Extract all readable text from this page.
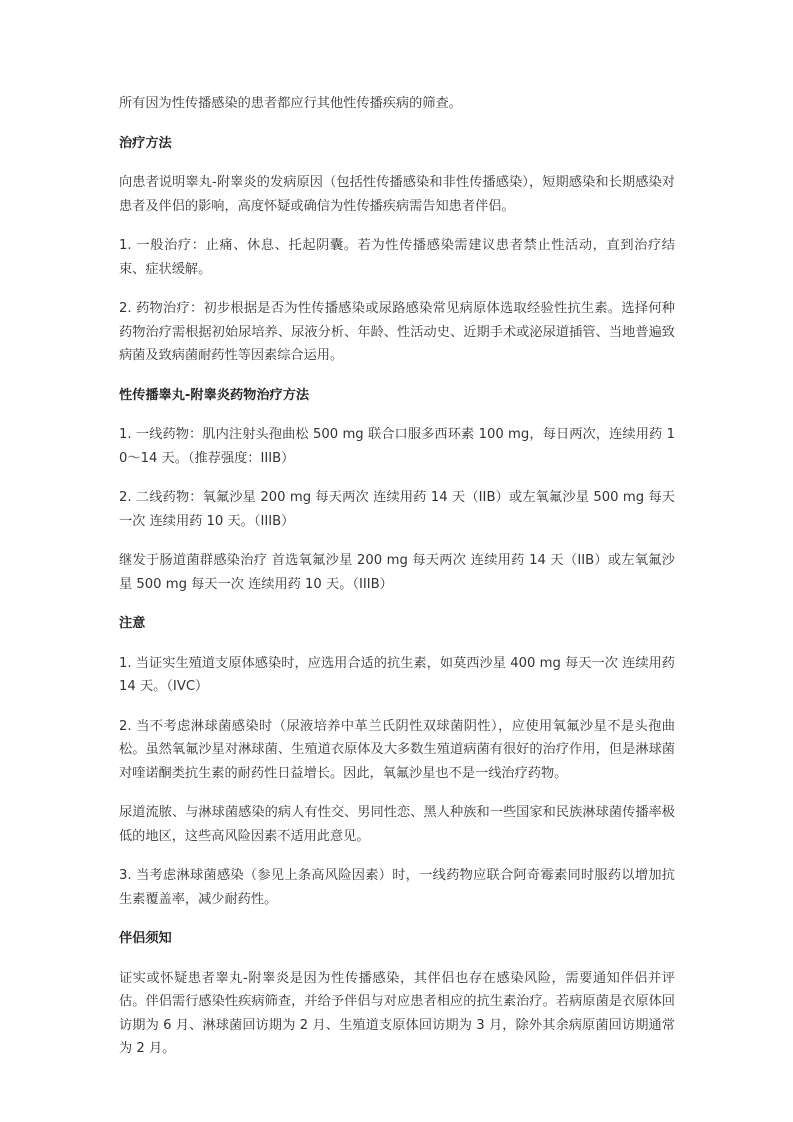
所有因为性传播感染的患者都应行其他性传播疾病的筛查。

治疗方法

向患者说明睾丸-附睾炎的发病原因（包括性传播感染和非性传播感染），短期感染和长期感染对患者及伴侣的影响，高度怀疑或确信为性传播疾病需告知患者伴侣。

1. 一般治疗：止痛、休息、托起阴囊。若为性传播感染需建议患者禁止性活动，直到治疗结束、症状缓解。

2. 药物治疗：初步根据是否为性传播感染或尿路感染常见病原体选取经验性抗生素。选择何种药物治疗需根据初始尿培养、尿液分析、年龄、性活动史、近期手术或泌尿道插管、当地普遍致病菌及致病菌耐药性等因素综合运用。

性传播睾丸-附睾炎药物治疗方法

1. 一线药物：肌内注射头孢曲松 500 mg 联合口服多西环素 100 mg，每日两次，连续用药 10～14 天。（推荐强度：IIIB）

2. 二线药物：氧氟沙星 200 mg 每天两次 连续用药 14 天（IIB）或左氧氟沙星 500 mg 每天一次 连续用药 10 天。（IIIB）

继发于肠道菌群感染治疗 首选氧氟沙星 200 mg 每天两次 连续用药 14 天（IIB）或左氧氟沙星 500 mg 每天一次 连续用药 10 天。（IIIB）

注意

1. 当证实生殖道支原体感染时，应选用合适的抗生素，如莫西沙星 400 mg 每天一次 连续用药 14 天。（IVC）

2. 当不考虑淋球菌感染时（尿液培养中革兰氏阴性双球菌阴性），应使用氧氟沙星不是头孢曲松。虽然氧氟沙星对淋球菌、生殖道衣原体及大多数生殖道病菌有很好的治疗作用，但是淋球菌对喹诺酮类抗生素的耐药性日益增长。因此，氧氟沙星也不是一线治疗药物。

尿道流脓、与淋球菌感染的病人有性交、男同性恋、黑人种族和一些国家和民族淋球菌传播率极低的地区，这些高风险因素不适用此意见。

3. 当考虑淋球菌感染（参见上条高风险因素）时，一线药物应联合阿奇霉素同时服药以增加抗生素覆盖率，减少耐药性。

伴侣须知

证实或怀疑患者睾丸-附睾炎是因为性传播感染，其伴侣也存在感染风险，需要通知伴侣并评估。伴侣需行感染性疾病筛查，并给予伴侣与对应患者相应的抗生素治疗。若病原菌是衣原体回访期为 6 月、淋球菌回访期为 2 月、生殖道支原体回访期为 3 月，除外其余病原菌回访期通常为 2 月。
